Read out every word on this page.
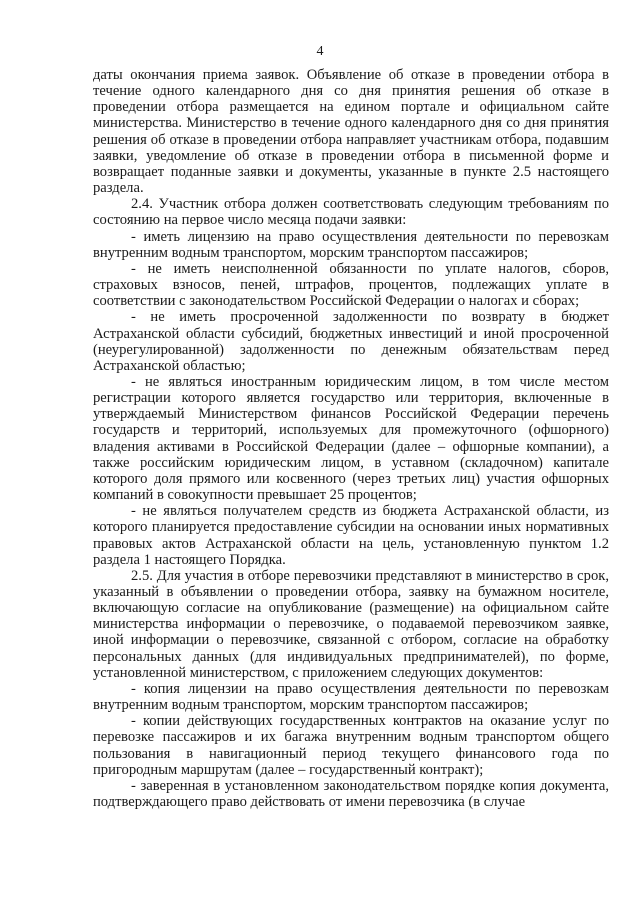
4

даты окончания приема заявок. Объявление об отказе в проведении отбора в течение одного календарного дня со дня принятия решения об отказе в проведении отбора размещается на едином портале и официальном сайте министерства. Министерство в течение одного календарного дня со дня принятия решения об отказе в проведении отбора направляет участникам отбора, подавшим заявки, уведомление об отказе в проведении отбора в письменной форме и возвращает поданные заявки и документы, указанные в пункте 2.5 настоящего раздела.

2.4. Участник отбора должен соответствовать следующим требованиям по состоянию на первое число месяца подачи заявки:

- иметь лицензию на право осуществления деятельности по перевозкам внутренним водным транспортом, морским транспортом пассажиров;

- не иметь неисполненной обязанности по уплате налогов, сборов, страховых взносов, пеней, штрафов, процентов, подлежащих уплате в соответствии с законодательством Российской Федерации о налогах и сборах;

- не иметь просроченной задолженности по возврату в бюджет Астраханской области субсидий, бюджетных инвестиций и иной просроченной (неурегулированной) задолженности по денежным обязательствам перед Астраханской областью;

- не являться иностранным юридическим лицом, в том числе местом регистрации которого является государство или территория, включенные в утверждаемый Министерством финансов Российской Федерации перечень государств и территорий, используемых для промежуточного (офшорного) владения активами в Российской Федерации (далее – офшорные компании), а также российским юридическим лицом, в уставном (складочном) капитале которого доля прямого или косвенного (через третьих лиц) участия офшорных компаний в совокупности превышает 25 процентов;

- не являться получателем средств из бюджета Астраханской области, из которого планируется предоставление субсидии на основании иных нормативных правовых актов Астраханской области на цель, установленную пунктом 1.2 раздела 1 настоящего Порядка.

2.5. Для участия в отборе перевозчики представляют в министерство в срок, указанный в объявлении о проведении отбора, заявку на бумажном носителе, включающую согласие на опубликование (размещение) на официальном сайте министерства информации о перевозчике, о подаваемой перевозчиком заявке, иной информации о перевозчике, связанной с отбором, согласие на обработку персональных данных (для индивидуальных предпринимателей), по форме, установленной министерством, с приложением следующих документов:

- копия лицензии на право осуществления деятельности по перевозкам внутренним водным транспортом, морским транспортом пассажиров;

- копии действующих государственных контрактов на оказание услуг по перевозке пассажиров и их багажа внутренним водным транспортом общего пользования в навигационный период текущего финансового года по пригородным маршрутам (далее – государственный контракт);

- заверенная в установленном законодательством порядке копия документа, подтверждающего право действовать от имени перевозчика (в случае
